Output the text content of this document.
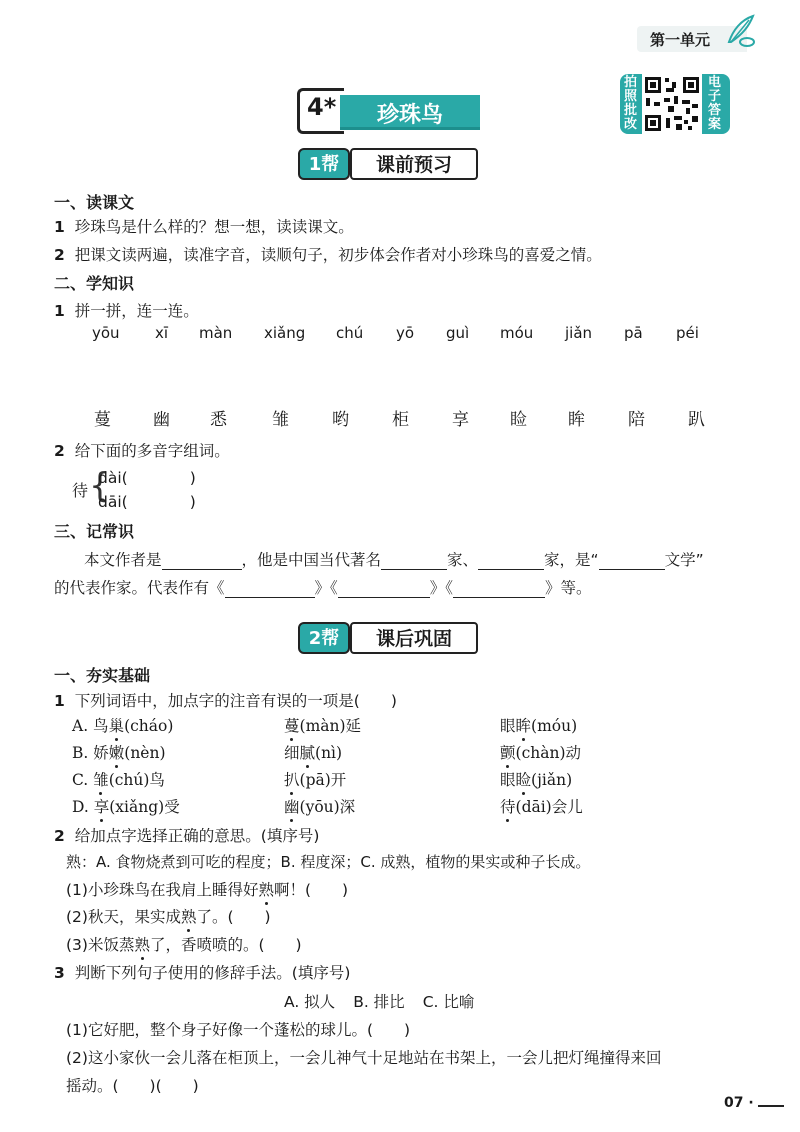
第一单元
4*	珍珠鸟
拍照批改
电子答案
1帮	课前预习
一、读课文
1 珍珠鸟是什么样的？想一想，读读课文。
2 把课文读两遍，读准字音，读顺句子，初步体会作者对小珍珠鸟的喜爱之情。
二、学知识
1 拼一拼，连一连。
yōu xī màn xiǎng chú yō guì móu jiǎn pā péi
蔓 幽 悉	雏	哟	柜	享 睑 眸	陪	趴
2 给下面的多音字组词。
待 {
dài(　　　　)
dāi(　　　　)
三、记常识
本文作者是	，他是中国当代著名	家、	家，是“	文学”
的代表作家。代表作有《	》《	》《	》等。
2帮	课后巩固
一、夯实基础
1 下列词语中，加点字的注音有误的一项是(　　)
A. 鸟巢(cháo)	蔓(màn)延	眼眸(móu)
B. 娇嫩(nèn)	细腻(nì)	颤(chàn)动
C. 雏(chú)鸟	扒(pā)开	眼睑(jiǎn)
D. 享(xiǎng)受	幽(yōu)深	待(dāi)会儿
2 给加点字选择正确的意思。(填序号)
熟：A. 食物烧煮到可吃的程度；B. 程度深；C. 成熟，植物的果实或种子长成。
(1)小珍珠鸟在我肩上睡得好熟啊！(　　)
(2)秋天，果实成熟了。(　　)
(3)米饭蒸熟了，香喷喷的。(　　)
3 判断下列句子使用的修辞手法。(填序号)
A. 拟人 B. 排比 C. 比喻
(1)它好肥，整个身子好像一个蓬松的球儿。(　　)
(2)这小家伙一会儿落在柜顶上，一会儿神气十足地站在书架上，一会儿把灯绳撞得来回
摇动。(　　)(　　)
07 ·
